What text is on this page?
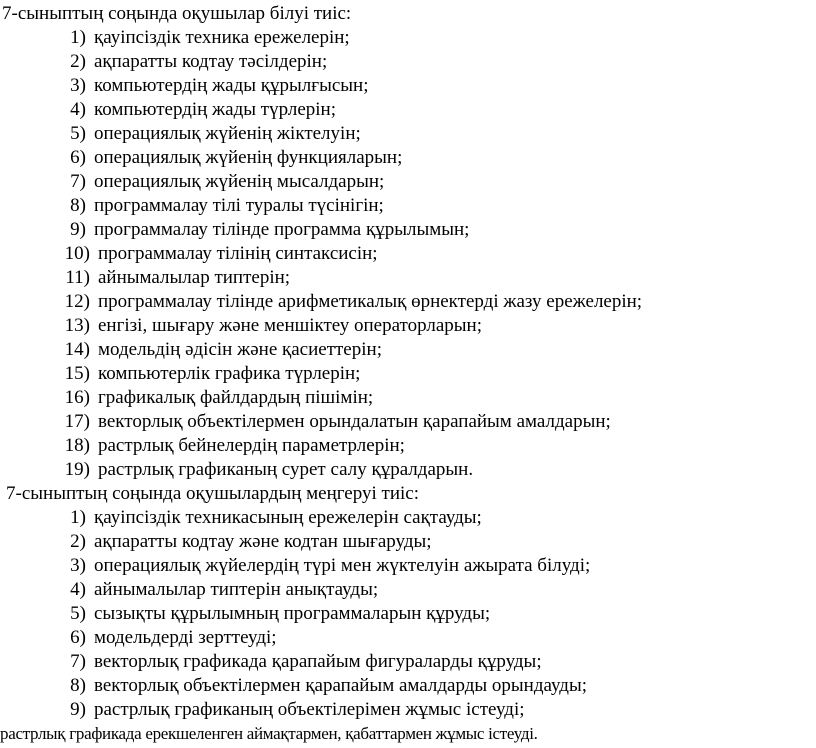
7-сыныптың соңында оқушылар білуі тиіс:
1) қауіпсіздік техника ережелерін;
2) ақпаратты кодтау тәсілдерін;
3) компьютердің жады құрылғысын;
4) компьютердің жады түрлерін;
5) операциялық жүйенің жіктелуін;
6) операциялық жүйенің функцияларын;
7) операциялық жүйенің мысалдарын;
8) программалау тілі туралы түсінігін;
9) программалау тілінде программа құрылымын;
10) программалау тілінің синтаксисін;
11) айнымалылар типтерін;
12) программалау тілінде арифметикалық өрнектерді жазу ережелерін;
13) енгізі, шығару және меншіктеу операторларын;
14) модельдің әдісін және қасиеттерін;
15) компьютерлік графика түрлерін;
16) графикалық файлдардың пішімін;
17) векторлық объектілермен орындалатын қарапайым амалдарын;
18) растрлық бейнелердің параметрлерін;
19) растрлық графиканың сурет салу құралдарын.
7-сыныптың соңында оқушылардың меңгеруі тиіс:
1) қауіпсіздік техникасының ережелерін сақтауды;
2) ақпаратты кодтау және кодтан шығаруды;
3) операциялық жүйелердің түрі мен жүктелуін ажырата білуді;
4) айнымалылар типтерін анықтауды;
5) сызықты құрылымның программаларын құруды;
6) модельдерді зерттеуді;
7) векторлық графикада қарапайым фигураларды құруды;
8) векторлық объектілермен қарапайым амалдарды орындауды;
9) растрлық графиканың объектілерімен жұмыс істеуді;
растрлық графикада ерекшеленген аймақтармен, қабаттармен жұмыс істеуді.
